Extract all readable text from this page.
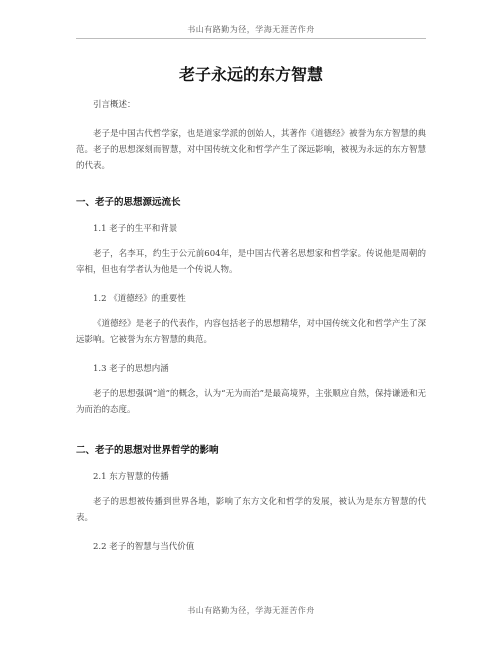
书山有路勤为径，学海无涯苦作舟
老子永远的东方智慧

引言概述：

老子是中国古代哲学家，也是道家学派的创始人，其著作《道德经》被誉为东方智慧的典范。老子的思想深刻而智慧，对中国传统文化和哲学产生了深远影响，被视为永远的东方智慧的代表。

一、老子的思想源远流长

1.1 老子的生平和背景

老子，名李耳，约生于公元前604年，是中国古代著名思想家和哲学家。传说他是周朝的宰相，但也有学者认为他是一个传说人物。

1.2 《道德经》的重要性

《道德经》是老子的代表作，内容包括老子的思想精华，对中国传统文化和哲学产生了深远影响。它被誉为东方智慧的典范。

1.3 老子的思想内涵

老子的思想强调“道”的概念，认为“无为而治”是最高境界，主张顺应自然，保持谦逊和无为而治的态度。

二、老子的思想对世界哲学的影响

2.1 东方智慧的传播

老子的思想被传播到世界各地，影响了东方文化和哲学的发展，被认为是东方智慧的代表。

2.2 老子的智慧与当代价值

书山有路勤为径，学海无涯苦作舟
